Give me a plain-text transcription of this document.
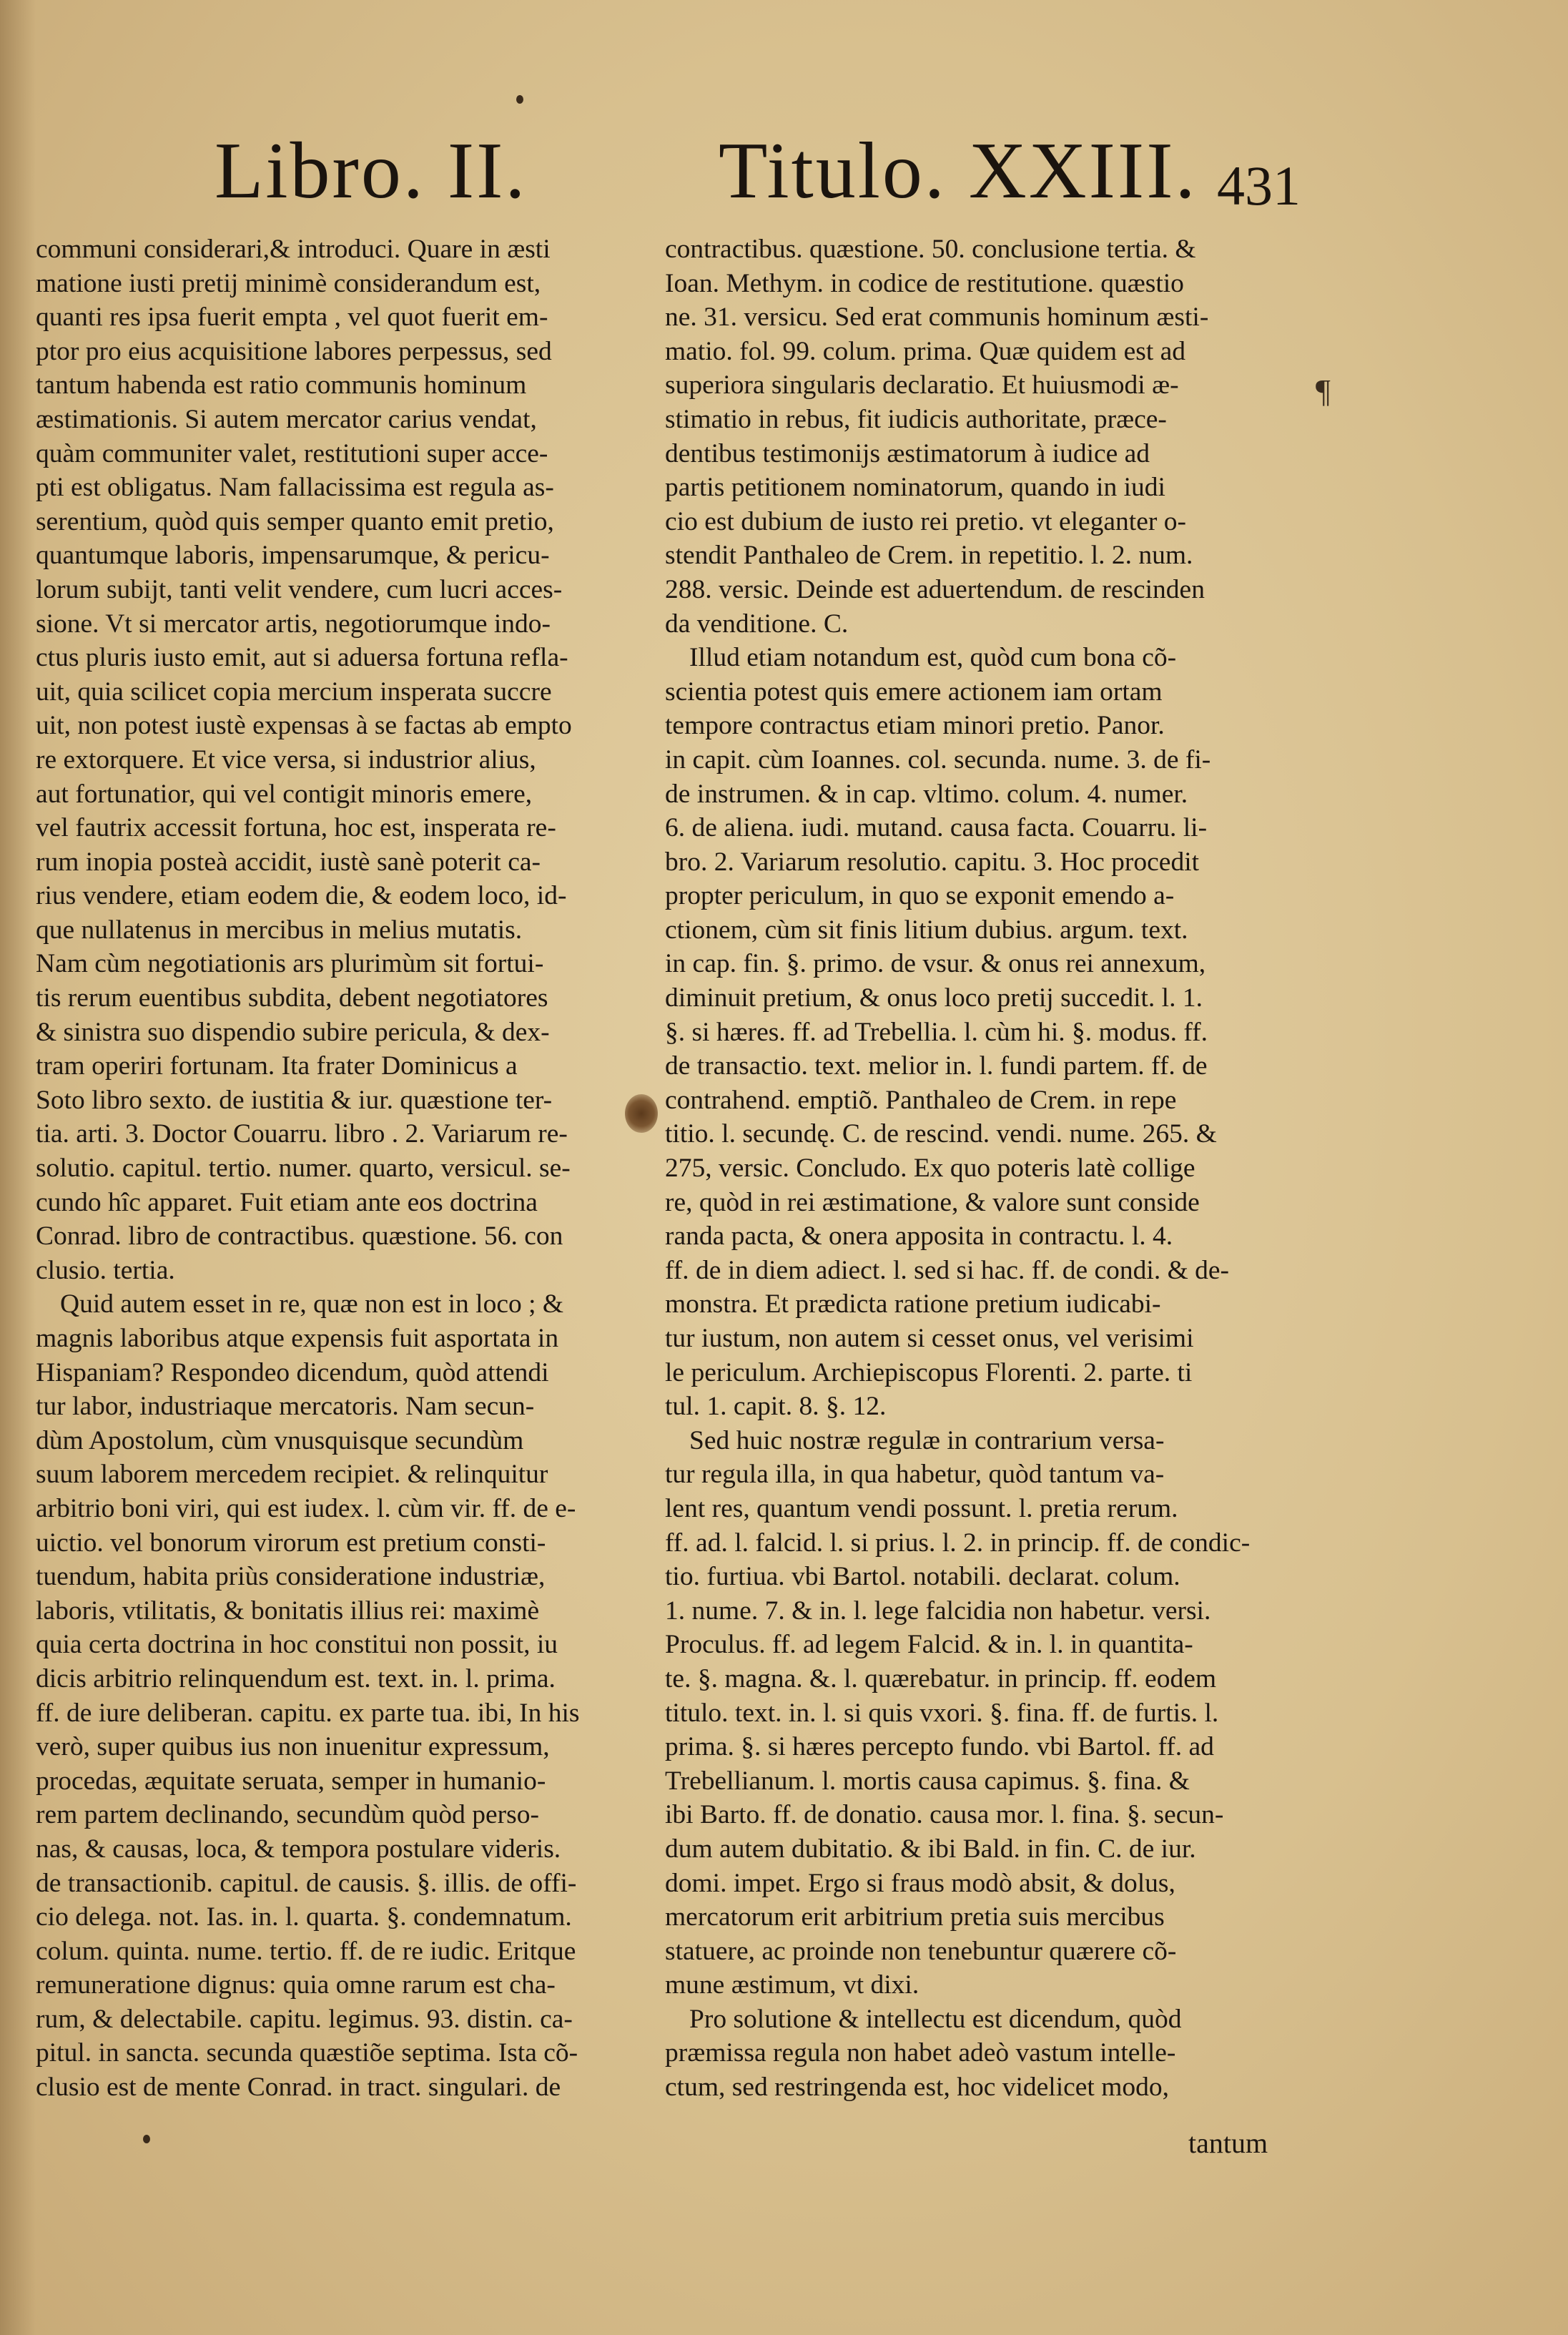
Libro. II. Titulo. XXIII. 431
communi considerari,& introduci. Quare in æsti
matione iusti pretij minimè considerandum est,
quanti res ipsa fuerit empta , vel quot fuerit em-
ptor pro eius acquisitione labores perpessus, sed
tantum habenda est ratio communis hominum
æstimationis. Si autem mercator carius vendat,
quàm communiter valet, restitutioni super acce-
pti est obligatus. Nam fallacissima est regula as-
serentium, quòd quis semper quanto emit pretio,
quantumque laboris, impensarumque, & pericu-
lorum subijt, tanti velit vendere, cum lucri acces-
sione. Vt si mercator artis, negotiorumque indo-
ctus pluris iusto emit, aut si aduersa fortuna refla-
uit, quia scilicet copia mercium insperata succre
uit, non potest iustè expensas à se factas ab empto
re extorquere. Et vice versa, si industrior alius,
aut fortunatior, qui vel contigit minoris emere,
vel fautrix accessit fortuna, hoc est, insperata re-
rum inopia posteà accidit, iustè sanè poterit ca-
rius vendere, etiam eodem die, & eodem loco, id-
que nullatenus in mercibus in melius mutatis.
Nam cùm negotiationis ars plurimùm sit fortui-
tis rerum euentibus subdita, debent negotiatores
& sinistra suo dispendio subire pericula, & dex-
tram operiri fortunam. Ita frater Dominicus a
Soto libro sexto. de iustitia & iur. quæstione ter-
tia. arti. 3. Doctor Couarru. libro . 2. Variarum re-
solutio. capitul. tertio. numer. quarto, versicul. se-
cundo hîc apparet. Fuit etiam ante eos doctrina
Conrad. libro de contractibus. quæstione. 56. con
clusio. tertia.
Quid autem esset in re, quæ non est in loco ; &
magnis laboribus atque expensis fuit asportata in
Hispaniam? Respondeo dicendum, quòd attendi
tur labor, industriaque mercatoris. Nam secun-
dùm Apostolum, cùm vnusquisque secundùm
suum laborem mercedem recipiet. & relinquitur
arbitrio boni viri, qui est iudex. l. cùm vir. ff. de e-
uictio. vel bonorum virorum est pretium consti-
tuendum, habita priùs consideratione industriæ,
laboris, vtilitatis, & bonitatis illius rei: maximè
quia certa doctrina in hoc constitui non possit, iu
dicis arbitrio relinquendum est. text. in. l. prima.
ff. de iure deliberan. capitu. ex parte tua. ibi, In his
verò, super quibus ius non inuenitur expressum,
procedas, æquitate seruata, semper in humanio-
rem partem declinando, secundùm quòd perso-
nas, & causas, loca, & tempora postulare videris.
de transactionib. capitul. de causis. §. illis. de offi-
cio delega. not. Ias. in. l. quarta. §. condemnatum.
colum. quinta. nume. tertio. ff. de re iudic. Eritque
remuneratione dignus: quia omne rarum est cha-
rum, & delectabile. capitu. legimus. 93. distin. ca-
pitul. in sancta. secunda quæstiõe septima. Ista cõ-
clusio est de mente Conrad. in tract. singulari. de
contractibus. quæstione. 50. conclusione tertia. &
Ioan. Methym. in codice de restitutione. quæstio
ne. 31. versicu. Sed erat communis hominum æsti-
matio. fol. 99. colum. prima. Quæ quidem est ad
superiora singularis declaratio. Et huiusmodi æ-
stimatio in rebus, fit iudicis authoritate, præce-
dentibus testimonijs æstimatorum à iudice ad
partis petitionem nominatorum, quando in iudi
cio est dubium de iusto rei pretio. vt eleganter o-
stendit Panthaleo de Crem. in repetitio. l. 2. num.
288. versic. Deinde est aduertendum. de rescinden
da venditione. C.
Illud etiam notandum est, quòd cum bona cõ-
scientia potest quis emere actionem iam ortam
tempore contractus etiam minori pretio. Panor.
in capit. cùm Ioannes. col. secunda. nume. 3. de fi-
de instrumen. & in cap. vltimo. colum. 4. numer.
6. de aliena. iudi. mutand. causa facta. Couarru. li-
bro. 2. Variarum resolutio. capitu. 3. Hoc procedit
propter periculum, in quo se exponit emendo a-
ctionem, cùm sit finis litium dubius. argum. text.
in cap. fin. §. primo. de vsur. & onus rei annexum,
diminuit pretium, & onus loco pretij succedit. l. 1.
§. si hæres. ff. ad Trebellia. l. cùm hi. §. modus. ff.
de transactio. text. melior in. l. fundi partem. ff. de
contrahend. emptiõ. Panthaleo de Crem. in repe
titio. l. secundę. C. de rescind. vendi. nume. 265. &
275, versic. Concludo. Ex quo poteris latè collige
re, quòd in rei æstimatione, & valore sunt conside
randa pacta, & onera apposita in contractu. l. 4.
ff. de in diem adiect. l. sed si hac. ff. de condi. & de-
monstra. Et prædicta ratione pretium iudicabi-
tur iustum, non autem si cesset onus, vel verisimi
le periculum. Archiepiscopus Florenti. 2. parte. ti
tul. 1. capit. 8. §. 12.
Sed huic nostræ regulæ in contrarium versa-
tur regula illa, in qua habetur, quòd tantum va-
lent res, quantum vendi possunt. l. pretia rerum.
ff. ad. l. falcid. l. si prius. l. 2. in princip. ff. de condic-
tio. furtiua. vbi Bartol. notabili. declarat. colum.
1. nume. 7. & in. l. lege falcidia non habetur. versi.
Proculus. ff. ad legem Falcid. & in. l. in quantita-
te. §. magna. &. l. quærebatur. in princip. ff. eodem
titulo. text. in. l. si quis vxori. §. fina. ff. de furtis. l.
prima. §. si hæres percepto fundo. vbi Bartol. ff. ad
Trebellianum. l. mortis causa capimus. §. fina. &
ibi Barto. ff. de donatio. causa mor. l. fina. §. secun-
dum autem dubitatio. & ibi Bald. in fin. C. de iur.
domi. impet. Ergo si fraus modò absit, & dolus,
mercatorum erit arbitrium pretia suis mercibus
statuere, ac proinde non tenebuntur quærere cõ-
mune æstimum, vt dixi.
Pro solutione & intellectu est dicendum, quòd
præmissa regula non habet adeò vastum intelle-
ctum, sed restringenda est, hoc videlicet modo,
¶
tantum
